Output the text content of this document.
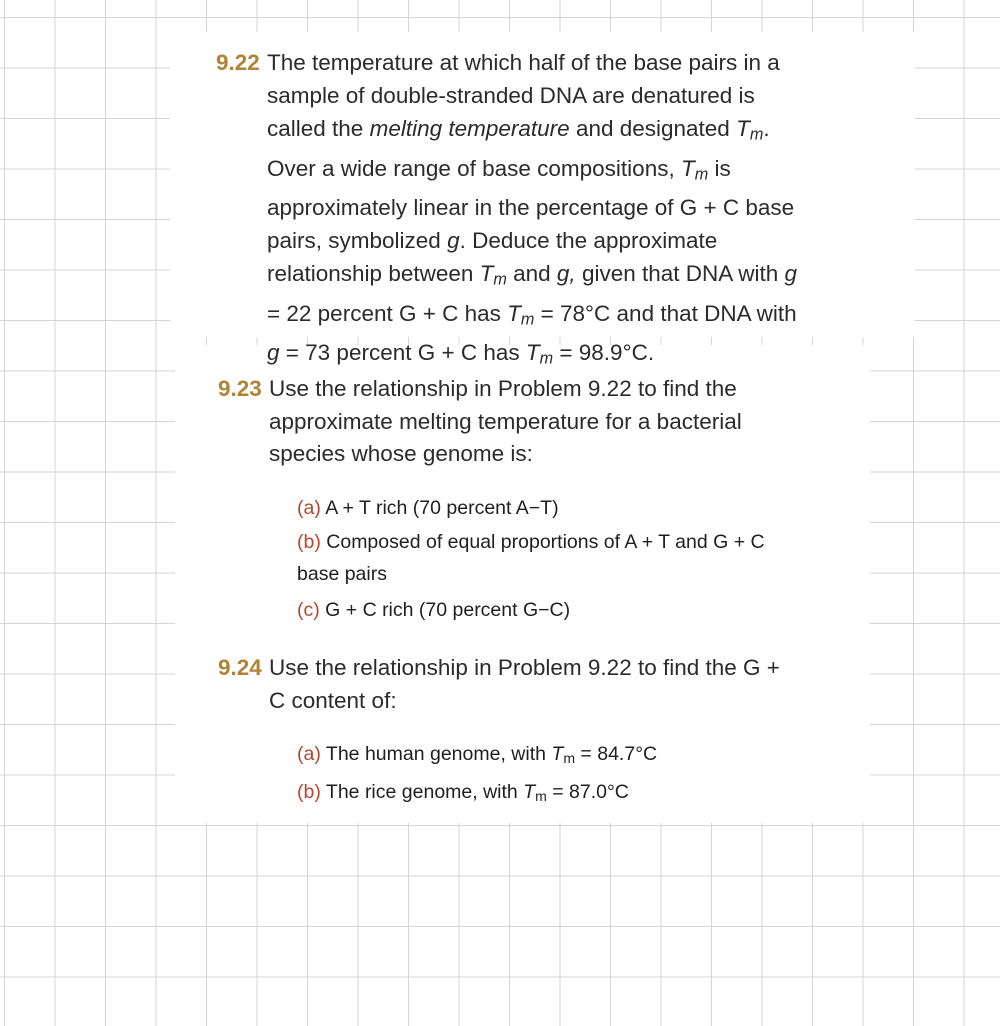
9.22 The temperature at which half of the base pairs in a
sample of double-stranded DNA are denatured is
called the melting temperature and designated $T_m$.
Over a wide range of base compositions, $T_m$ is
approximately linear in the percentage of G + C base
pairs, symbolized g. Deduce the approximate
relationship between $T_m$ and g, given that DNA with g
= 22 percent G + C has $T_m = 78^\circ C$ and that DNA with
g = 73 percent G + C has $T_m = 98.9^\circ C$.
9.23 Use the relationship in Problem 9.22 to find the
approximate melting temperature for a bacterial
species whose genome is:
(a) A + T rich (70 percent A−T)
(b) Composed of equal proportions of A + T and G + C
base pairs
(c) G + C rich (70 percent G−C)
9.24 Use the relationship in Problem 9.22 to find the G +
C content of:
(a) The human genome, with $T_m = 84.7^\circ C$
(b) The rice genome, with $T_m = 87.0^\circ C$
